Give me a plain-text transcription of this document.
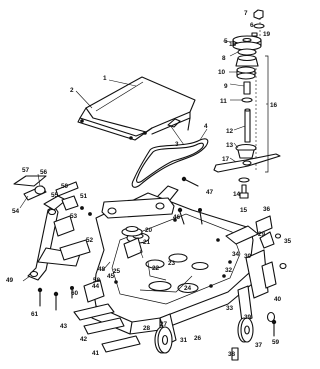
1
2
3
4
5
6
7
8
9
10
11
12
13
14
15
16
17
18
19
20
21
22
23
24
25
26
27
28
29
30
31
32
33
34
35
36
37
38
39
40
41
42
43
44
45
46
47
48
49
50
51
52
53
54
55
56
57
58
59
60
61
